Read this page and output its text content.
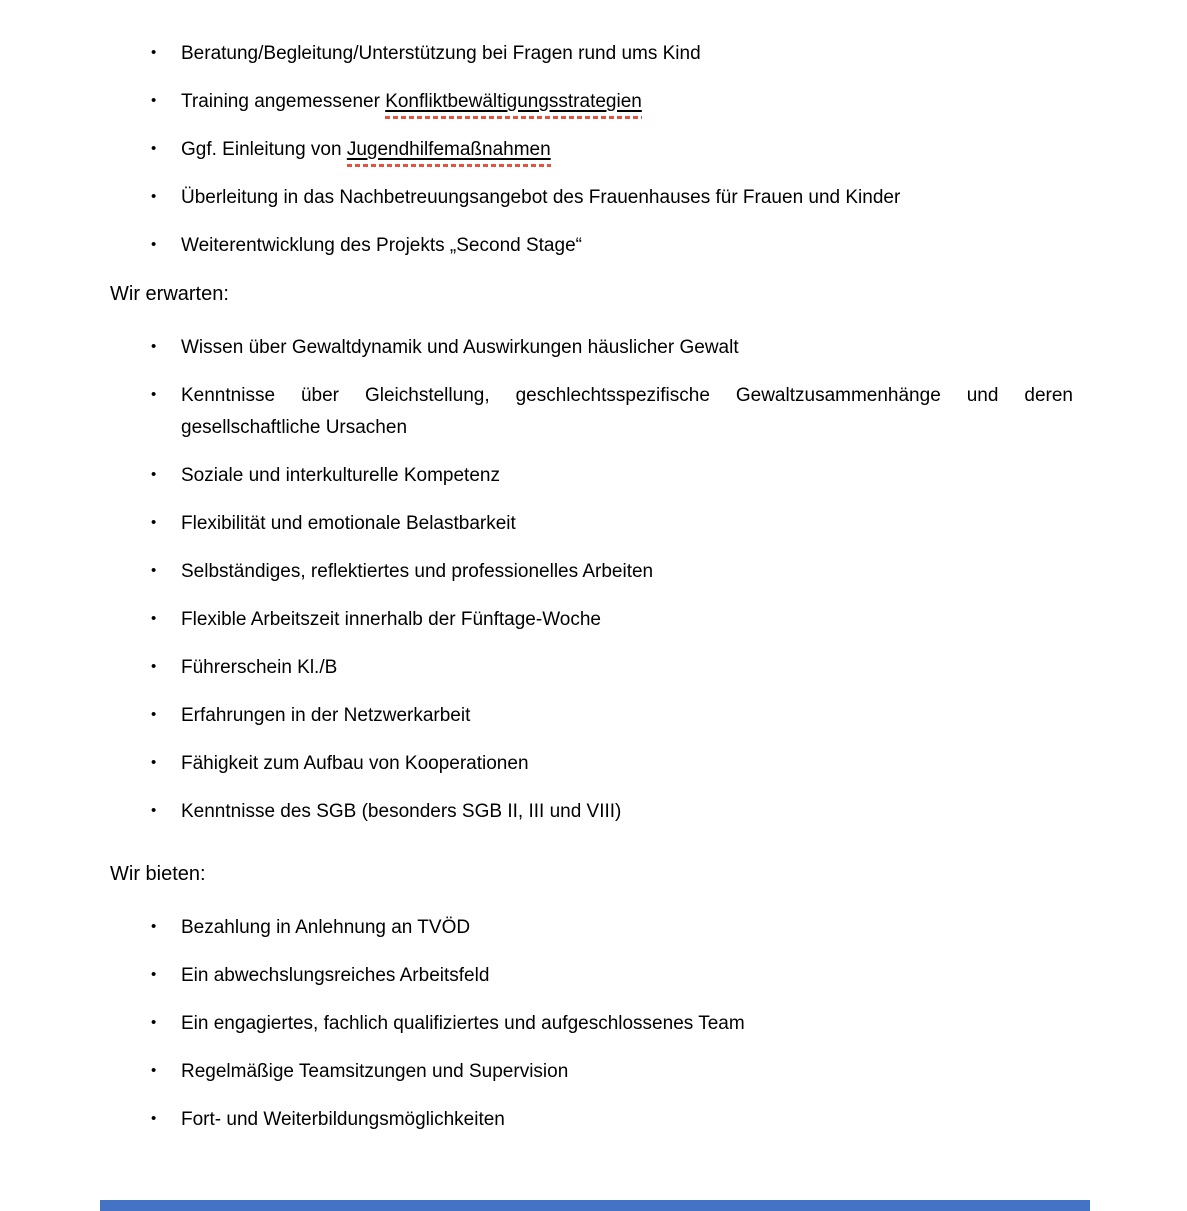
• Beratung/Begleitung/Unterstützung bei Fragen rund ums Kind
• Training angemessener Konfliktbewältigungsstrategien
• Ggf. Einleitung von Jugendhilfemaßnahmen
• Überleitung in das Nachbetreuungsangebot des Frauenhauses für Frauen und Kinder
• Weiterentwicklung des Projekts „Second Stage“

Wir erwarten:

• Wissen über Gewaltdynamik und Auswirkungen häuslicher Gewalt
• Kenntnisse über Gleichstellung, geschlechtsspezifische Gewaltzusammenhänge und deren
gesellschaftliche Ursachen
• Soziale und interkulturelle Kompetenz
• Flexibilität und emotionale Belastbarkeit
• Selbständiges, reflektiertes und professionelles Arbeiten
• Flexible Arbeitszeit innerhalb der Fünftage-Woche
• Führerschein Kl./B
• Erfahrungen in der Netzwerkarbeit
• Fähigkeit zum Aufbau von Kooperationen
• Kenntnisse des SGB (besonders SGB II, III und VIII)

Wir bieten:

• Bezahlung in Anlehnung an TVÖD
• Ein abwechslungsreiches Arbeitsfeld
• Ein engagiertes, fachlich qualifiziertes und aufgeschlossenes Team
• Regelmäßige Teamsitzungen und Supervision
• Fort- und Weiterbildungsmöglichkeiten
